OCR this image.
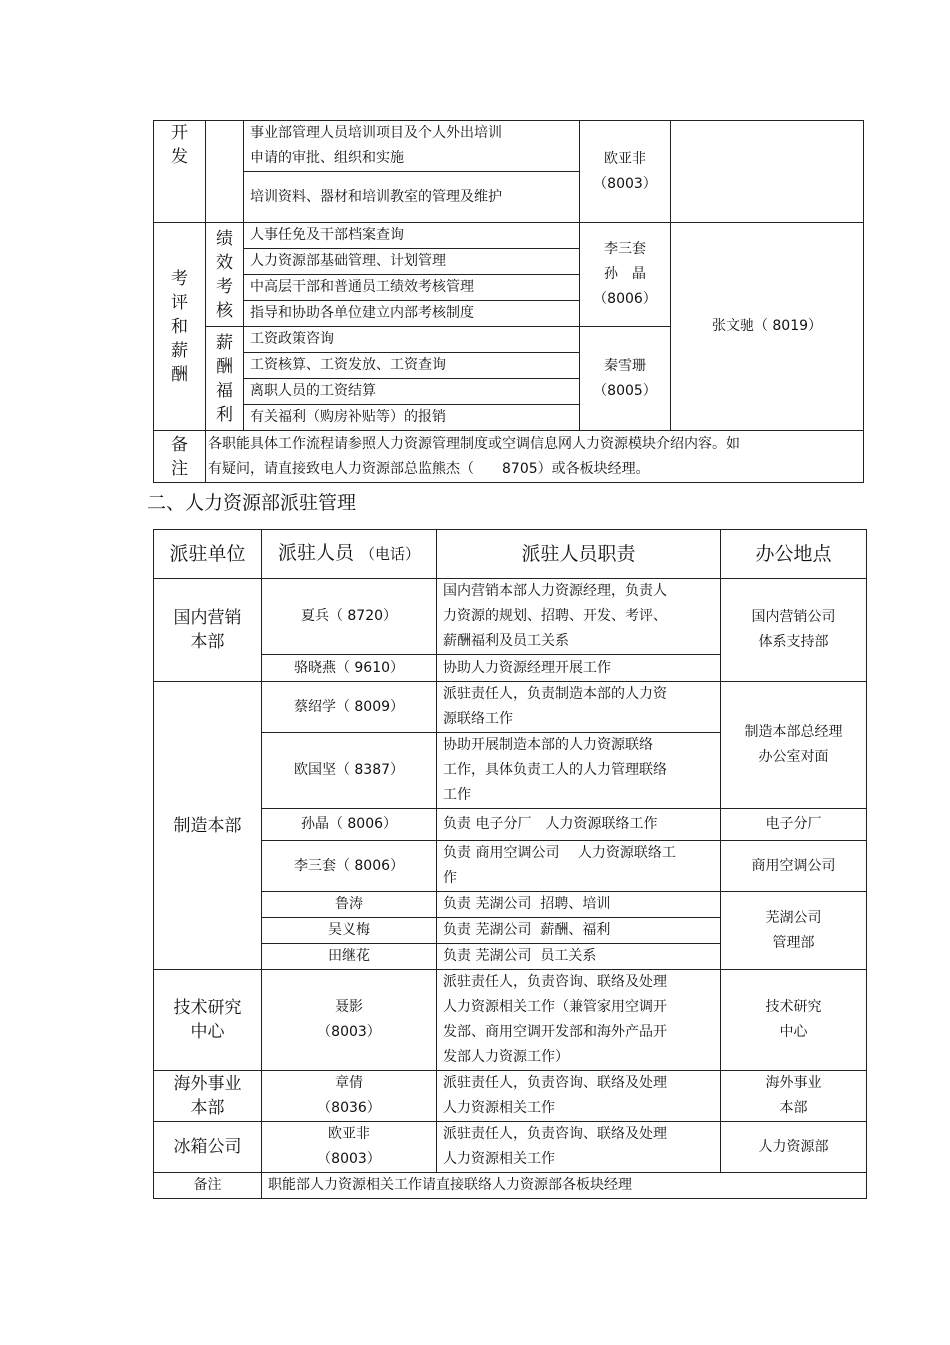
开
发		事业部管理人员培训项目及个人外出培训
申请的审批、组织和实施	欧亚非
（8003）	
		培训资料、器材和培训教室的管理及维护		

考
评
和
薪
酬	绩
效
考
核	人事任免及干部档案查询	李三套
孙　晶
（8006）	张文驰（ 8019）
		人力资源部基础管理、计划管理		
		中高层干部和普通员工绩效考核管理		
		指导和协助各单位建立内部考核制度		

	薪
酬
福
利	工资政策咨询	秦雪珊
（8005）	
		工资核算、工资发放、工资查询		
		离职人员的工资结算		
		有关福利（购房补贴等）的报销		

备
注	各职能具体工作流程请参照人力资源管理制度或空调信息网人力资源模块介绍内容。如
有疑问，请直接致电人力资源部总监熊杰（　　8705）或各板块经理。			
二、人力资源部派驻管理
派驻单位	派驻人员 （电话）	派驻人员职责	办公地点
国内营销
本部	夏兵（ 8720）	国内营销本部人力资源经理，负责人
力资源的规划、招聘、开发、考评、
薪酬福利及员工关系	国内营销公司
体系支持部
	骆晓燕（ 9610）	协助人力资源经理开展工作	
制造本部	蔡绍学（ 8009）	派驻责任人，负责制造本部的人力资
源联络工作	制造本部总经理
办公室对面
	欧国坚（ 8387）	协助开展制造本部的人力资源联络
工作，具体负责工人的人力管理联络
工作	
	孙晶（ 8006）	负责 电子分厂　人力资源联络工作	电子分厂
	李三套（ 8006）	负责 商用空调公司　 人力资源联络工
作	商用空调公司
	鲁涛	负责 芜湖公司  招聘、培训	芜湖公司
管理部
	吴义梅	负责 芜湖公司  薪酬、福利	
	田继花	负责 芜湖公司  员工关系	
技术研究
中心	聂影
（8003）	派驻责任人，负责咨询、联络及处理
人力资源相关工作（兼管家用空调开
发部、商用空调开发部和海外产品开
发部人力资源工作）	技术研究
中心
海外事业
本部	章倩
（8036）	派驻责任人，负责咨询、联络及处理
人力资源相关工作	海外事业
本部
冰箱公司	欧亚非
（8003）	派驻责任人，负责咨询、联络及处理
人力资源相关工作	人力资源部
备注	职能部人力资源相关工作请直接联络人力资源部各板块经理		
